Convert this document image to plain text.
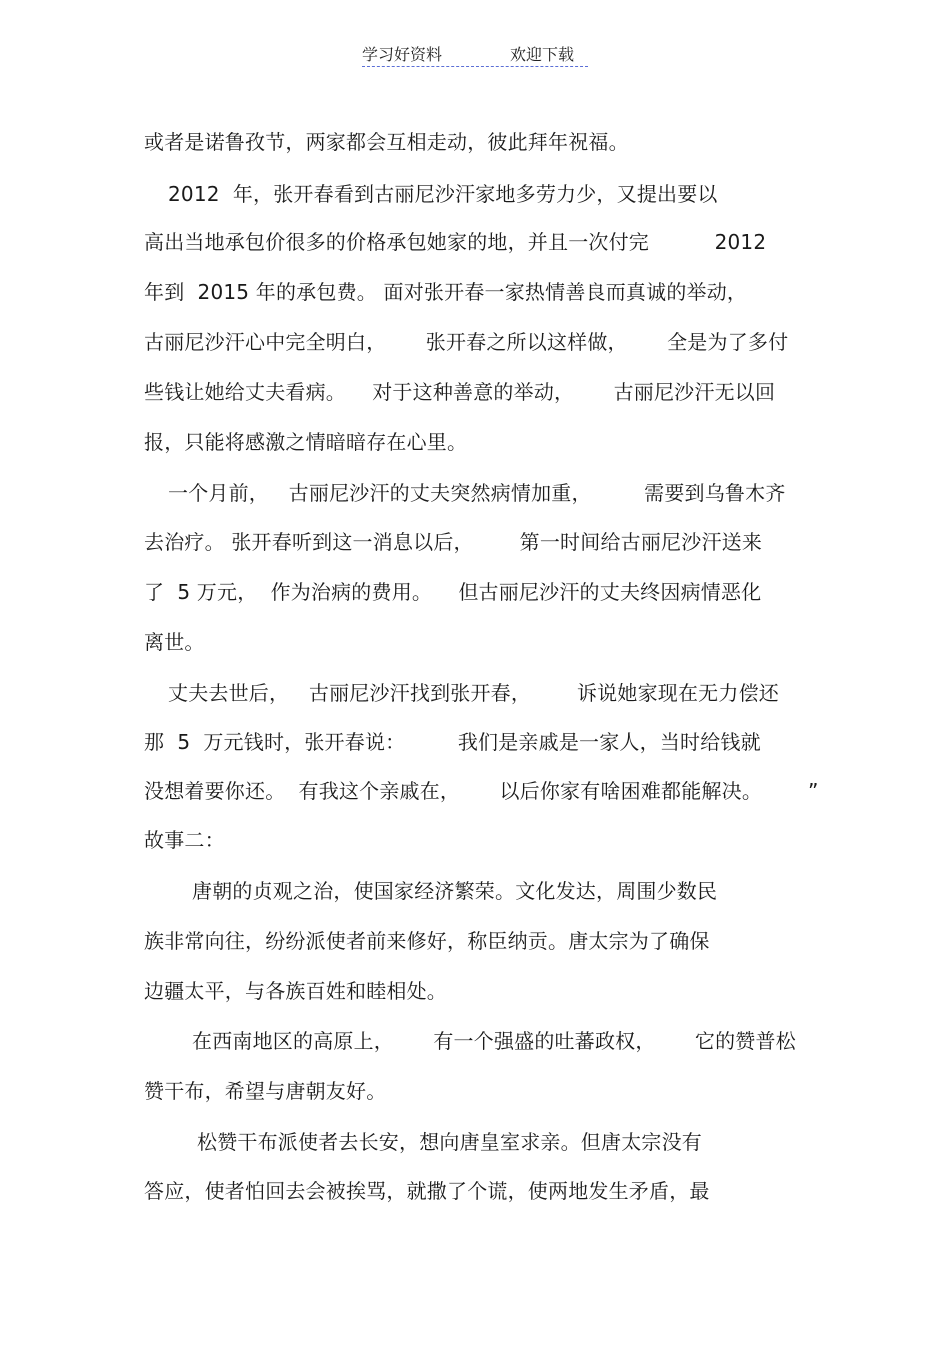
学习好资料	欢迎下载
或者是诺鲁孜节，两家都会互相走动，彼此拜年祝福。
2012  年，张开春看到古丽尼沙汗家地多劳力少，又提出要以
高出当地承包价很多的价格承包她家的地，并且一次付完          2012
年到  2015 年的承包费。 面对张开春一家热情善良而真诚的举动，
古丽尼沙汗心中完全明白，      张开春之所以这样做，      全是为了多付
些钱让她给丈夫看病。    对于这种善意的举动，      古丽尼沙汗无以回
报，只能将感激之情暗暗存在心里。
一个月前，   古丽尼沙汗的丈夫突然病情加重，        需要到乌鲁木齐
去治疗。 张开春听到这一消息以后，       第一时间给古丽尼沙汗送来
了  5 万元，  作为治病的费用。    但古丽尼沙汗的丈夫终因病情恶化
离世。
丈夫去世后，   古丽尼沙汗找到张开春，       诉说她家现在无力偿还
那  5  万元钱时，张开春说：        我们是亲戚是一家人，当时给钱就
没想着要你还。  有我这个亲戚在，      以后你家有啥困难都能解决。       ”
故事二：
唐朝的贞观之治，使国家经济繁荣。文化发达，周围少数民
族非常向往，纷纷派使者前来修好，称臣纳贡。唐太宗为了确保
边疆太平，与各族百姓和睦相处。
在西南地区的高原上，      有一个强盛的吐蕃政权，      它的赞普松
赞干布，希望与唐朝友好。
松赞干布派使者去长安，想向唐皇室求亲。但唐太宗没有
答应，使者怕回去会被挨骂，就撒了个谎，使两地发生矛盾，最
